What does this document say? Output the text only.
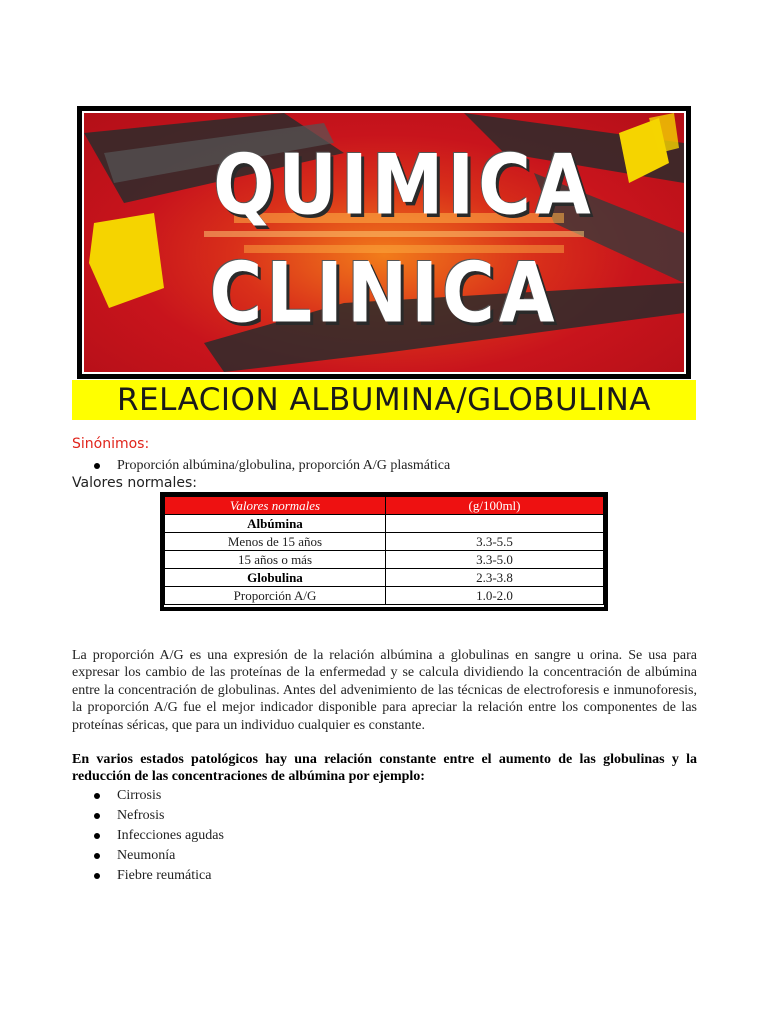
QUIMICA
CLINICA
RELACION ALBUMINA/GLOBULINA
Sinónimos:
Proporción albúmina/globulina, proporción A/G plasmática
Valores normales:
Valores normales	(g/100ml)
Albúmina	
Menos de 15 años	3.3-5.5
15 años o más	3.3-5.0
Globulina	2.3-3.8
Proporción A/G	1.0-2.0

La proporción A/G es una expresión de la relación albúmina a globulinas en sangre u orina. Se usa para expresar los cambio de las proteínas de la enfermedad y se calcula dividiendo la concentración de albúmina entre la concentración de globulinas. Antes del advenimiento de las técnicas de electroforesis e inmunoforesis, la proporción A/G fue el mejor indicador disponible para apreciar la relación entre los componentes de las proteínas séricas, que para un individuo cualquier es constante.

En varios estados patológicos hay una relación constante entre el aumento de las globulinas y la reducción de las concentraciones de albúmina por ejemplo:

Cirrosis
Nefrosis
Infecciones agudas
Neumonía
Fiebre reumática
